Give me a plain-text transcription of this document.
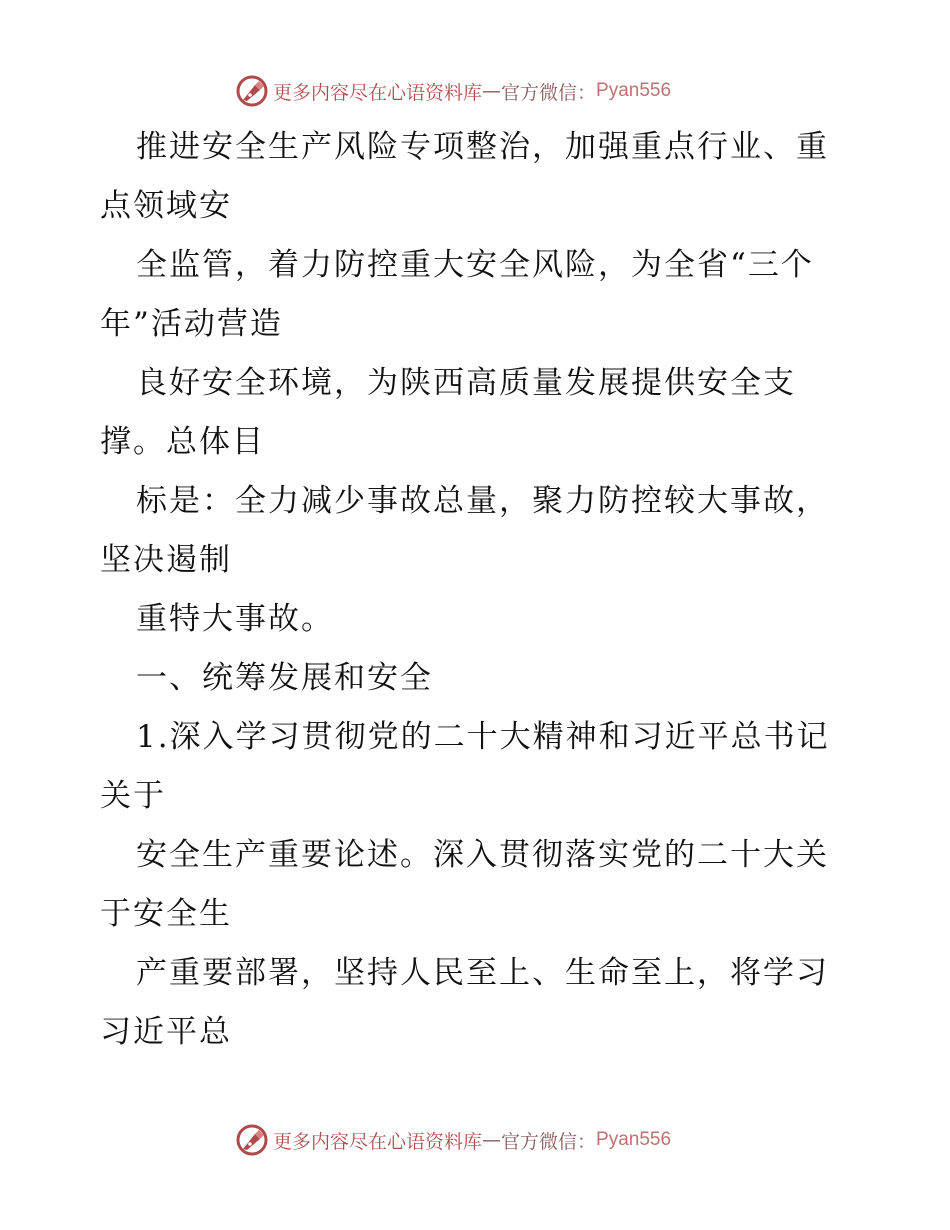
更多内容尽在心语资料库 — 官方微信： Pyan556
推进安全生产风险专项整治，加强重点行业、重
点领域安
全监管，着力防控重大安全风险，为全省“三个
年”活动营造
良好安全环境，为陕西高质量发展提供安全支
撑。总体目
标是：全力减少事故总量，聚力防控较大事故，
坚决遏制
重特大事故。
一、统筹发展和安全
1.深入学习贯彻党的二十大精神和习近平总书记
关于
安全生产重要论述。深入贯彻落实党的二十大关
于安全生
产重要部署，坚持人民至上、生命至上，将学习
习近平总
更多内容尽在心语资料库 — 官方微信： Pyan556
